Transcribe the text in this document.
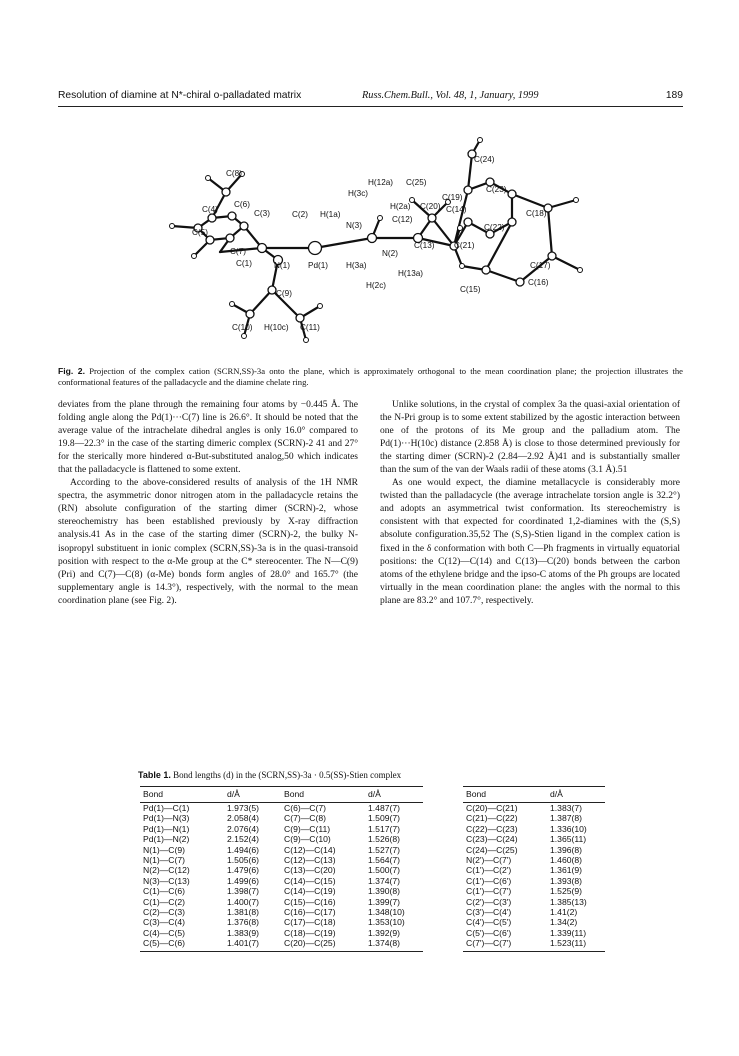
Resolution of diamine at N*-chiral o-palladated matrix	Russ.Chem.Bull., Vol. 48, 1, January, 1999	189
C(24)
H(12a) C(25)
C(8)
H(3c)	C(19)
C(23)
C(6)	H(2a) C(20) C(14)
C(4)	C(3)	C(2) H(1a)
C(12)
C(18)
N(3)	C(22)
C(5)
C(13) C(21)
C(7)	N(2)
C(1)	N(1) Pd(1) H(3a)	C(17)
H(13a)
C(16)
H(2c)	C(15)
C(9)
C(10) H(10c) C(11)
Fig. 2. Projection of the complex cation (SCRN,SS)-3a onto the plane, which is approximately orthogonal to the mean coordination plane; the projection illustrates the conformational features of the palladacycle and the diamine chelate ring.

deviates from the plane through the remaining four atoms by −0.445 Å. The folding angle along the Pd(1)···C(7) line is 26.6°. It should be noted that the average value of the intrachelate dihedral angles is only 16.0° compared to 19.8—22.3° in the case of the starting dimeric complex (SCRN)-2 41 and 27° for the sterically more hindered α-But-substituted analog,50 which indicates that the palladacycle is flattened to some extent.

According to the above-considered results of analysis of the 1H NMR spectra, the asymmetric donor nitrogen atom in the palladacycle retains the (RN) absolute configuration of the starting dimer (SCRN)-2, whose stereochemistry has been established previously by X-ray diffraction analysis.41 As in the case of the starting dimer (SCRN)-2, the bulky N-isopropyl substituent in ionic complex (SCRN,SS)-3a is in the quasi-transoid position with respect to the α-Me group at the C* stereocenter. The N—C(9) (Pri) and C(7)—C(8) (α-Me) bonds form angles of 28.0° and 165.7° (the supplementary angle is 14.3°), respectively, with the normal to the mean coordination plane (see Fig. 2).

Unlike solutions, in the crystal of complex 3a the quasi-axial orientation of the N-Pri group is to some extent stabilized by the agostic interaction between one of the protons of its Me group and the palladium atom. The Pd(1)···H(10c) distance (2.858 Å) is close to those determined previously for the starting dimer (SCRN)-2 (2.84—2.92 Å)41 and is substantially smaller than the sum of the van der Waals radii of these atoms (3.1 Å).51

As one would expect, the diamine metallacycle is considerably more twisted than the palladacycle (the average intrachelate torsion angle is 32.2°) and adopts an asymmetrical twist conformation. Its stereochemistry is consistent with that expected for coordinated 1,2-diamines with the (S,S) absolute configuration.35,52 The (S,S)-Stien ligand in the complex cation is fixed in the δ conformation with both C—Ph fragments in virtually equatorial positions: the C(12)—C(14) and C(13)—C(20) bonds between the carbon atoms of the ethylene bridge and the ipso-C atoms of the Ph groups are located virtually in the mean coordination plane: the angles with the normal to this plane are 83.2° and 107.7°, respectively.

Table 1. Bond lengths (d) in the (SCRN,SS)-3a · 0.5(SS)-Stien complex
Bond	d/Å
Pd(1)—C(1)	1.973(5)
Pd(1)—N(3)	2.058(4)
Pd(1)—N(1)	2.076(4)
Pd(1)—N(2)	2.152(4)
N(1)—C(9)	1.494(6)
N(1)—C(7)	1.505(6)
N(2)—C(12)	1.479(6)
N(3)—C(13)	1.499(6)
C(1)—C(6)	1.398(7)
C(1)—C(2)	1.400(7)
C(2)—C(3)	1.381(8)
C(3)—C(4)	1.376(8)
C(4)—C(5)	1.383(9)
C(5)—C(6)	1.401(7)
Bond	d/Å
C(6)—C(7)	1.487(7)
C(7)—C(8)	1.509(7)
C(9)—C(11)	1.517(7)
C(9)—C(10)	1.526(8)
C(12)—C(14)	1.527(7)
C(12)—C(13)	1.564(7)
C(13)—C(20)	1.500(7)
C(14)—C(15)	1.374(7)
C(14)—C(19)	1.390(8)
C(15)—C(16)	1.399(7)
C(16)—C(17)	1.348(10)
C(17)—C(18)	1.353(10)
C(18)—C(19)	1.392(9)
C(20)—C(25)	1.374(8)
Bond	d/Å
C(20)—C(21)	1.383(7)
C(21)—C(22)	1.387(8)
C(22)—C(23)	1.336(10)
C(23)—C(24)	1.365(11)
C(24)—C(25)	1.396(8)
N(2')—C(7')	1.460(8)
C(1')—C(2')	1.361(9)
C(1')—C(6')	1.393(8)
C(1')—C(7')	1.525(9)
C(2')—C(3')	1.385(13)
C(3')—C(4')	1.41(2)
C(4')—C(5')	1.34(2)
C(5')—C(6')	1.339(11)
C(7')—C(7')	1.523(11)
